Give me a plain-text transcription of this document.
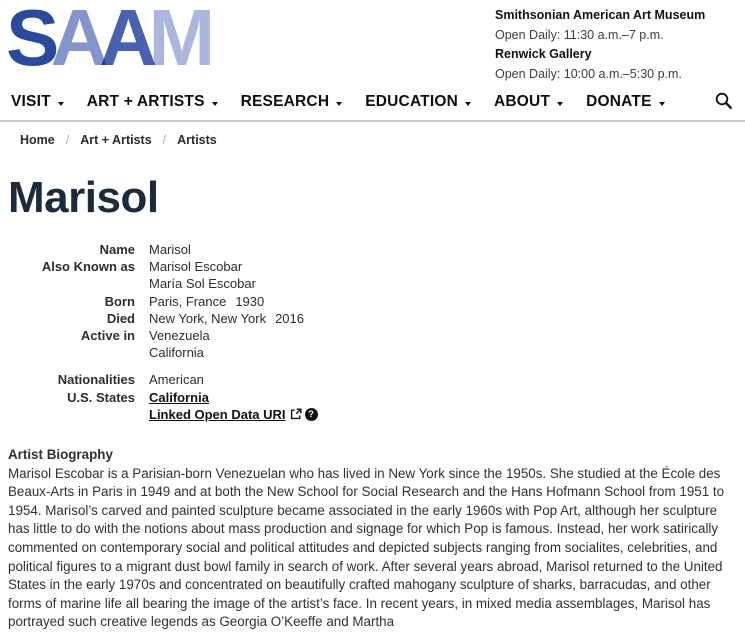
SAAM	Smithsonian American Art Museum
Open Daily: 11:30 a.m.–7 p.m.
Renwick Gallery
Open Daily: 10:00 a.m.–5:30 p.m.
VISIT ART + ARTISTS RESEARCH EDUCATION ABOUT DONATE
Home / Art + Artists / Artists
Marisol
Name Marisol
Also Known as Marisol Escobar
María Sol Escobar
Born Paris, France 1930
Died New York, New York 2016
Active in Venezuela
California
Nationalities American
U.S. States California
Linked Open Data URI	?
Artist Biography

Marisol Escobar is a Parisian-born Venezuelan who has lived in New York since the 1950s. She studied at the École des Beaux-Arts in Paris in 1949 and at both the New School for Social Research and the Hans Hofmann School from 1951 to 1954. Marisol’s carved and painted sculpture became associated in the early 1960s with Pop Art, although her sculpture has little to do with the notions about mass production and signage for which Pop is famous. Instead, her work satirically commented on contemporary social and political attitudes and depicted subjects ranging from socialites, celebrities, and political figures to a migrant dust bowl family in search of work. After several years abroad, Marisol returned to the United States in the early 1970s and concentrated on beautifully crafted mahogany sculpture of sharks, barracudas, and other forms of marine life all bearing the image of the artist’s face. In recent years, in mixed media assemblages, Marisol has portrayed such creative legends as Georgia O’Keeffe and Martha
